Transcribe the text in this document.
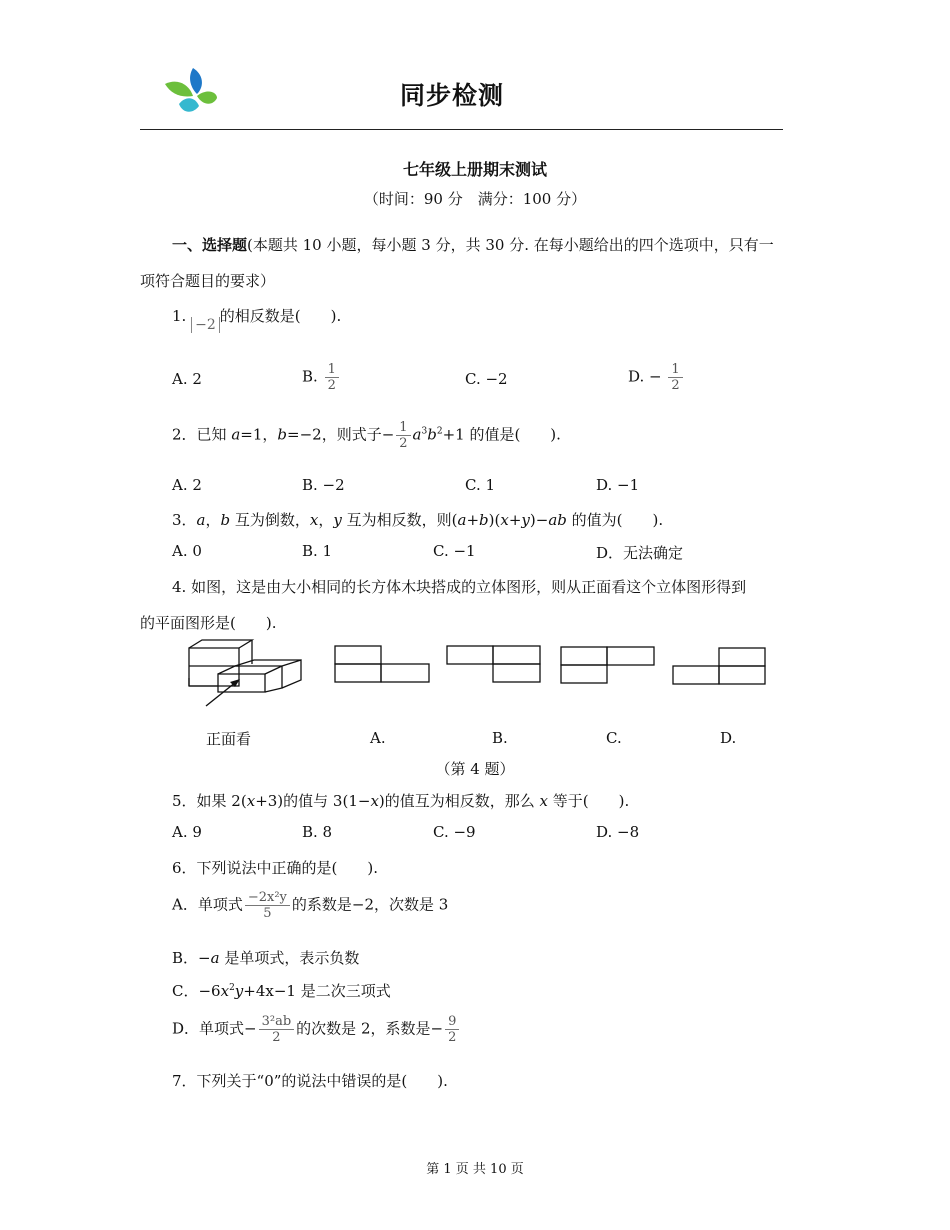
同步检测
七年级上册期末测试
（时间：90 分　满分：100 分）
一、选择题(本题共 10 小题，每小题 3 分，共 30 分. 在每小题给出的四个选项中，只有一
项符合题目的要求）
1. −2 的相反数是(　　).
A. 2	B. $\frac{1}{2}$	C. −2	D. − $\frac{1}{2}$
2．已知 a=1，b=−2，则式子− $\frac{1}{2} a^3b^2+1$ 的值是(　　).
A. 2	B. −2	C. 1	D. −1
3．a，b 互为倒数，x，y 互为相反数，则(a+b)(x+y)−ab 的值为(　　).
A. 0	B. 1	C. −1	D．无法确定
4. 如图，这是由大小相同的长方体木块搭成的立体图形，则从正面看这个立体图形得到
的平面图形是(　　).
正面看	A.	B.	C.	D.
（第 4 题）
5．如果 2(x+3)的值与 3(1−x)的值互为相反数，那么 x 等于(　　).
A. 9	B. 8	C. −9	D. −8
6．下列说法中正确的是(　　).
A．单项式 $\frac{\text{−2x²y}}{5}$ 的系数是−2，次数是 3
B．−a 是单项式，表示负数
C．$-6x^2y+4x-1$ 是二次三项式
D．单项式− $\frac{\text{3²ab}}{2}$ 的次数是 2，系数是− $\frac{9}{2}$
7．下列关于“0”的说法中错误的是(　　).
第 1 页 共 10 页
